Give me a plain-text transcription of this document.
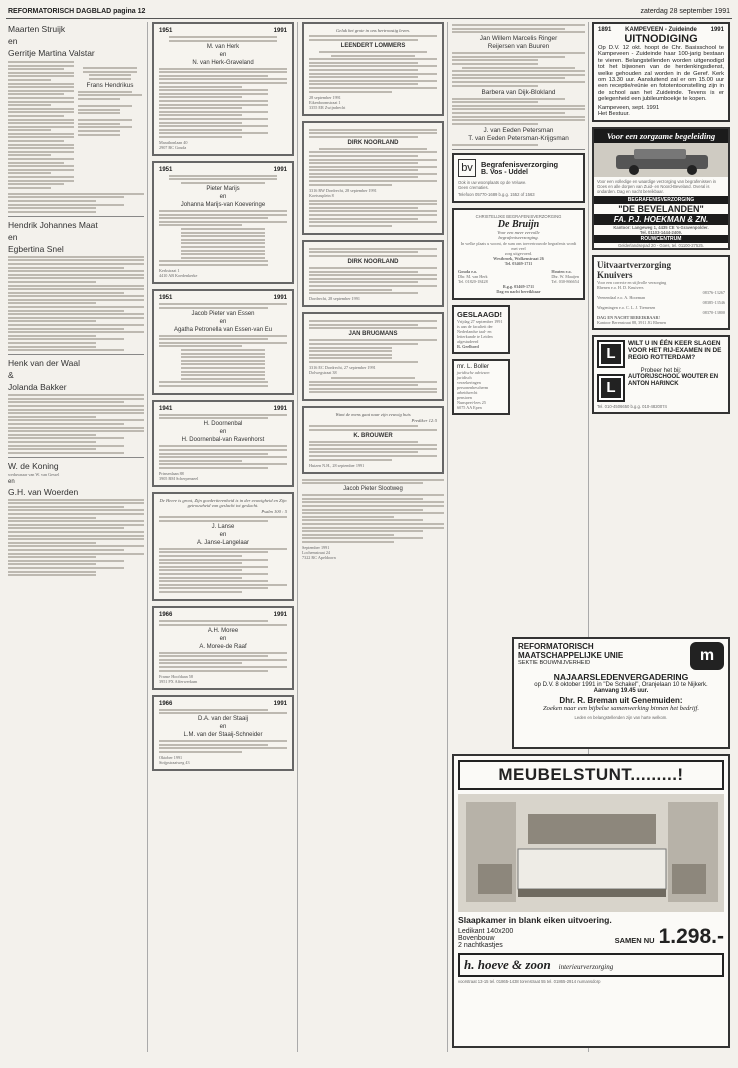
REFORMATORISCH DAGBLAD pagina 12	zaterdag 28 september 1991
Maarten Struijk
en
Gerritje Martina Valstar
Frans Hendrikus
Hendrik Johannes Maat
en
Egbertina Snel
Henk van der Waal
&
Jolanda Bakker
W. de Koning
weduwnaar van W. van Gessel
en
G.H. van Woerden
1951	1991
M. van Herk
en
N. van Herk-Graveland
Marathonlaan 40
2907 BC Gouda
1951	1991
Pieter Marijs
en
Johanna Marijs-van Koeveringe
Kerkstraat 1
4410 AB Koedenkerke
1951	1991
Jacob Pieter van Essen
en
Agatha Petronella van Essen-van Eu
1941	1991
H. Doornenbal
en
H. Doornenbal-van Ravenhorst
Prinsenlaan 88
3905 BM Scherpenzeel
De Heere is groot, Zijn goedertierenheid is in der eeuwigheid en Zijn getrouwheid van geslacht tot geslacht.
Psalm 100 : 5
J. Lanse
en
A. Janse-Langelaar
1966	1991
A.H. Moree
en
A. Moree-de Raaf
Franse Hoofdaan 58
3951 PX Afferwerkum
1966	1991
D.A. van der Staaij
en
L.M. van der Staaij-Schneider
Oktober 1991
Strijpstraatweg 43
Geluk het grote in ons hertroostig leven.
LEENDERT LOMMERS
28 september 1991
Eikenboomstraat 1
3355 ER Zwijndrecht
DIRK NOORLAND
3316 RW Dordrecht, 28 september 1991
Koetsruplein 8
DIRK NOORLAND
Dordrecht, 28 september 1991
JAN BRUGMANS
3316 EC Dordrecht, 27 september 1991
Dolwegstraat 38
Want de mens gaat naar zijn eeuwig huis
Prediker 12:5
K. BROUWER
Huizen N.H., 28 september 1991
Jacob Pieter Slootweg
September 1991
Lochemstraat 24
7322 RC Apeldoorn
Jan Willem Marcelis Ringer
Reijersen van Buuren
Barbera van Dijk-Blokland
J. van Eeden Petersman
T. van Eeden Petersman-Krijgsman
bv	Begrafenisverzorging
B. Vos - Uddel
Ook in uw woonplaats op de Veluwe.
Geen crematies.
Telefoon 05770-1689 b.g.g. 1552 of 1563
CHRISTELIJKE BEGRAFENISVERZORGING
De Bruijn
Voor een meer eervolle
begrafenisverzorging.
In welke plaats u woont, de sum ons toevertrouwde begrafenis wordt met veel
zorg uitgevoerd.
Westbroek, Wolkenstraat 26
Tel. 03469-1711
Gouda e.o.
Dhr. M. van Herk
Tel. 01820-18428
Houten e.o.
Dhr. W. Maaijen
Tel. 030-866654
B.g.g. 03469-1711
Dag en nacht bereikbaar
GESLAAGD!
Vrijdag 27 september 1991 is aan de faculteit der Nederlandse taal- en letterkunde te Leiden afgestudeerd
R. Geelhoed
mr. L. Boller
juridische adviezen
juridisch
verzekeringen
personenbescherm
arbeidsrecht
pensioen
Nunspeet-lees 25
6075 AA Epen
1891 KAMPEVEEN - Zuideinde 1991
UITNODIGING
Op D.V. 12 okt. hoopt de Chr. Basisschool te Kampeveen - Zuideinde haar 100-jarig bestaan te vieren. Belangstellenden worden uitgenodigd tot het bijwonen van de herdenkingsdienst, welke gehouden zal worden in de Geref. Kerk om 13.30 uur. Aansluitend zal er om 15.00 uur een receptie/reünie en fototentoonstelling zijn in de school aan het Zuideinde. Tevens is er gelegenheid een jubileumboekje te kopen.
Kampeveen, sept. 1991
Het Bestuur.
Voor een zorgzame begeleiding
Voor een volledige en waardige verzorging van begrafenissen in Goes en alle dorpen van Zuid- en Noord-Beveland. Overal is ondarden. Dag en nacht bereikbaar.
BEGRAFENISVERZORGING
"DE BEVELANDEN"
FA. P.J. HOEKMAN & ZN.
Kantoor: Langeweg 1, 4435 CE 's-Gravenpolder.
Tel. 01103-1444-2409.
ROUWCENTRUM
Gelderlandsepad 20 - Goes, tel. 01100-27525.
Uitvaartverzorging
Knuivers
Voor een correcte en stijlvolle verzorging
Rhenen e.o. H. D. Knuivers
08376-13267
Veenendaal e.o. A. Hoorman
08385-13546
Wageningen e.o. C. L. J. Tiemesen
08370-13800
DAG EN NACHT BEREIKBAAR!
Kantoor Berenstraat 88, 3911 JG Rhenen
L
WILT U IN ÉÉN KEER SLAGEN VOOR HET RIJ-EXAMEN IN DE REGIO ROTTERDAM?
Probeer het bij:
L
AUTORIJSCHOOL WOUTER EN ANTON HARINCK
Tel. 010-4506650 b.g.g. 010-4820074
REFORMATORISCH
MAATSCHAPPELIJKE UNIE
SEKTIE BOUWNIJVERHEID	m
NAJAARSLEDENVERGADERING
op D.V. 8 oktober 1991 in "De Schakel", Oranjelaan 10 te Nijkerk.
Aanvang 19.45 uur.
Dhr. R. Breman uit Genemuiden:
Zoeken naar een bijbelse samenwerking binnen het bedrijf.
Leden en belangstellenden zijn van harte welkom.
MEUBELSTUNT.........!
Slaapkamer in blank eiken uitvoering.
Ledikant 140x200
Bovenbouw
2 nachtkastjes
SAMEN NU 1.298.-
h. hoeve & zoon interieurverzorging
voorstraat 13-15 tel. 01865-1438 torenstraat 55 tel. 01865-2914 numansdorp
